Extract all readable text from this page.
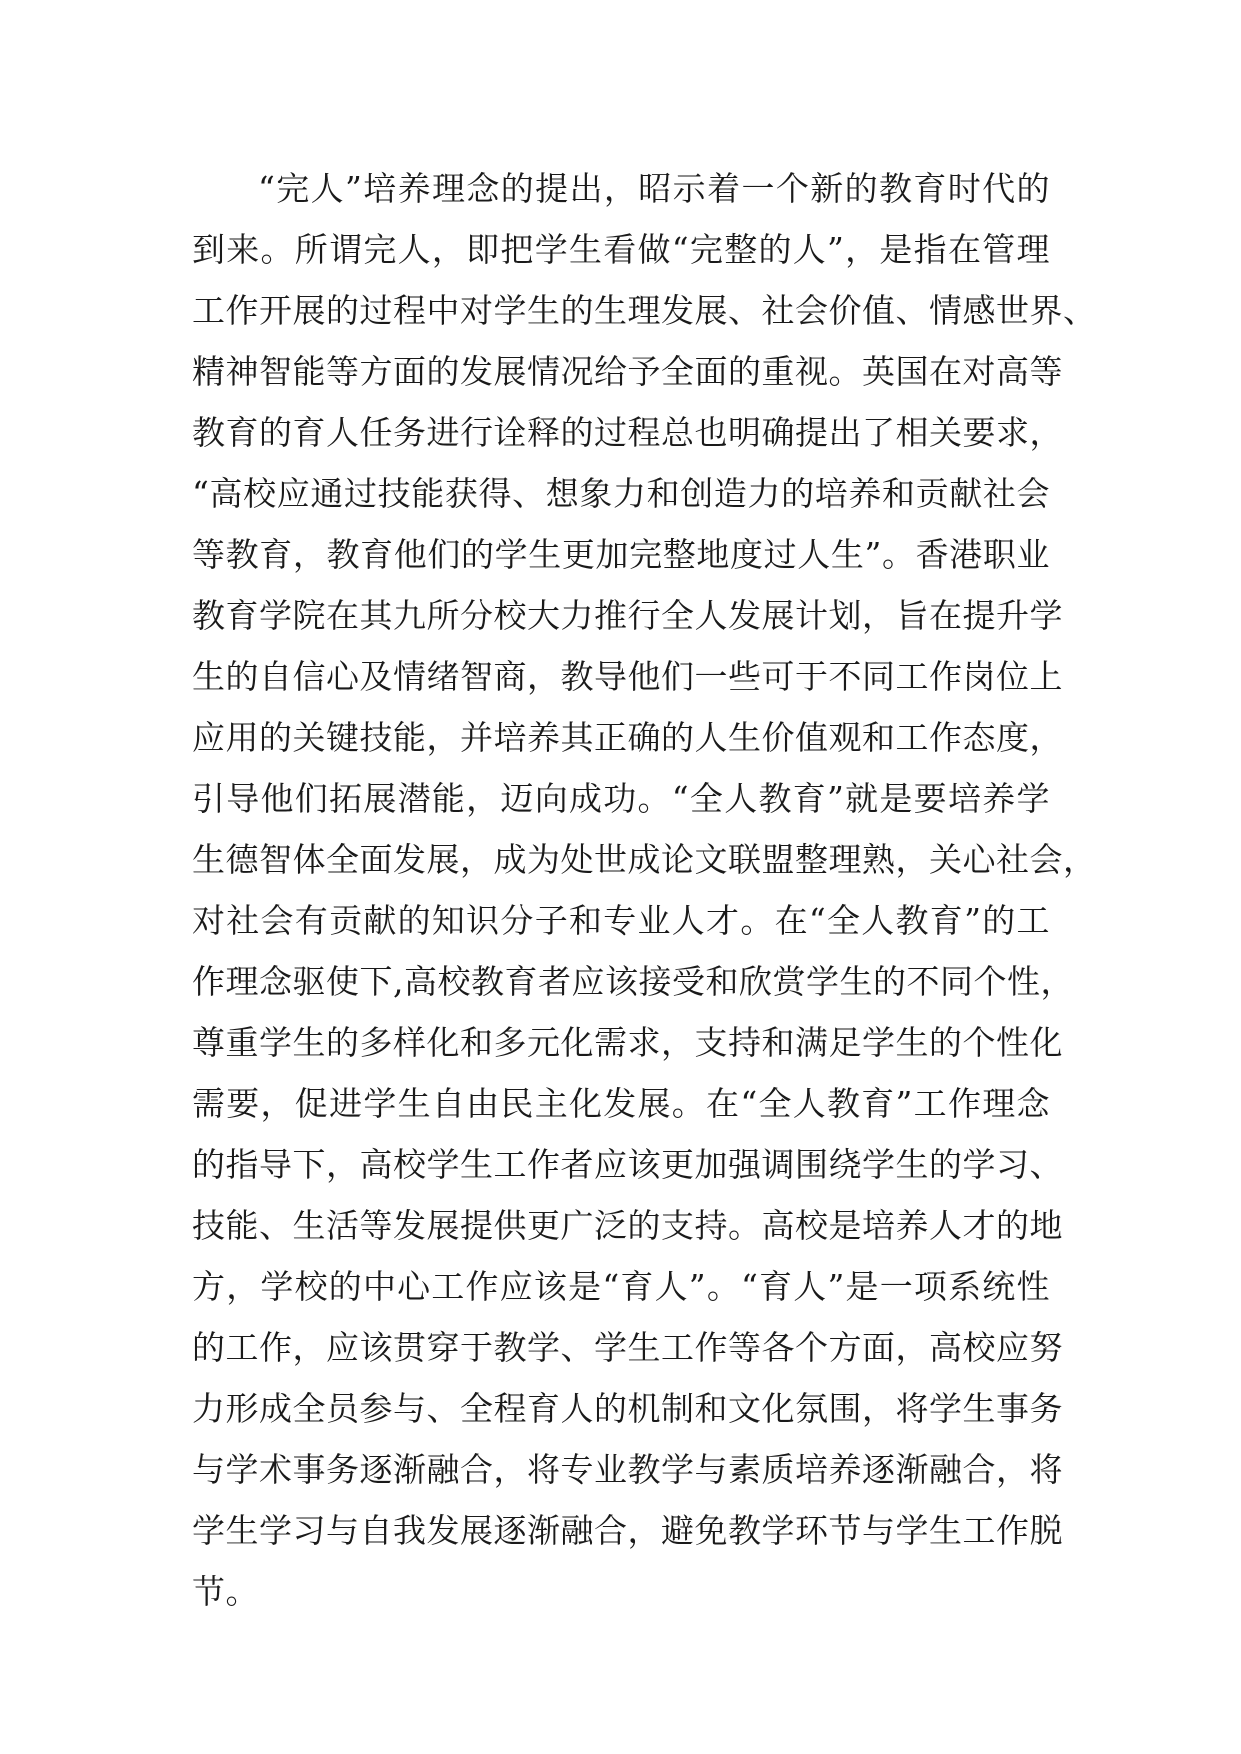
“完人”培养理念的提出，昭示着一个新的教育时代的
到来。所谓完人，即把学生看做“完整的人”，是指在管理
工作开展的过程中对学生的生理发展、社会价值、情感世界、
精神智能等方面的发展情况给予全面的重视。英国在对高等
教育的育人任务进行诠释的过程总也明确提出了相关要求，
“高校应通过技能获得、想象力和创造力的培养和贡献社会
等教育，教育他们的学生更加完整地度过人生”。香港职业
教育学院在其九所分校大力推行全人发展计划，旨在提升学
生的自信心及情绪智商，教导他们一些可于不同工作岗位上
应用的关键技能，并培养其正确的人生价值观和工作态度，
引导他们拓展潜能，迈向成功。“全人教育”就是要培养学
生德智体全面发展，成为处世成论文联盟整理熟，关心社会，
对社会有贡献的知识分子和专业人才。在“全人教育”的工
作理念驱使下,高校教育者应该接受和欣赏学生的不同个性，
尊重学生的多样化和多元化需求，支持和满足学生的个性化
需要，促进学生自由民主化发展。在“全人教育”工作理念
的指导下，高校学生工作者应该更加强调围绕学生的学习、
技能、生活等发展提供更广泛的支持。高校是培养人才的地
方，学校的中心工作应该是“育人”。“育人”是一项系统性
的工作，应该贯穿于教学、学生工作等各个方面，高校应努
力形成全员参与、全程育人的机制和文化氛围，将学生事务
与学术事务逐渐融合，将专业教学与素质培养逐渐融合，将
学生学习与自我发展逐渐融合，避免教学环节与学生工作脱
节。
